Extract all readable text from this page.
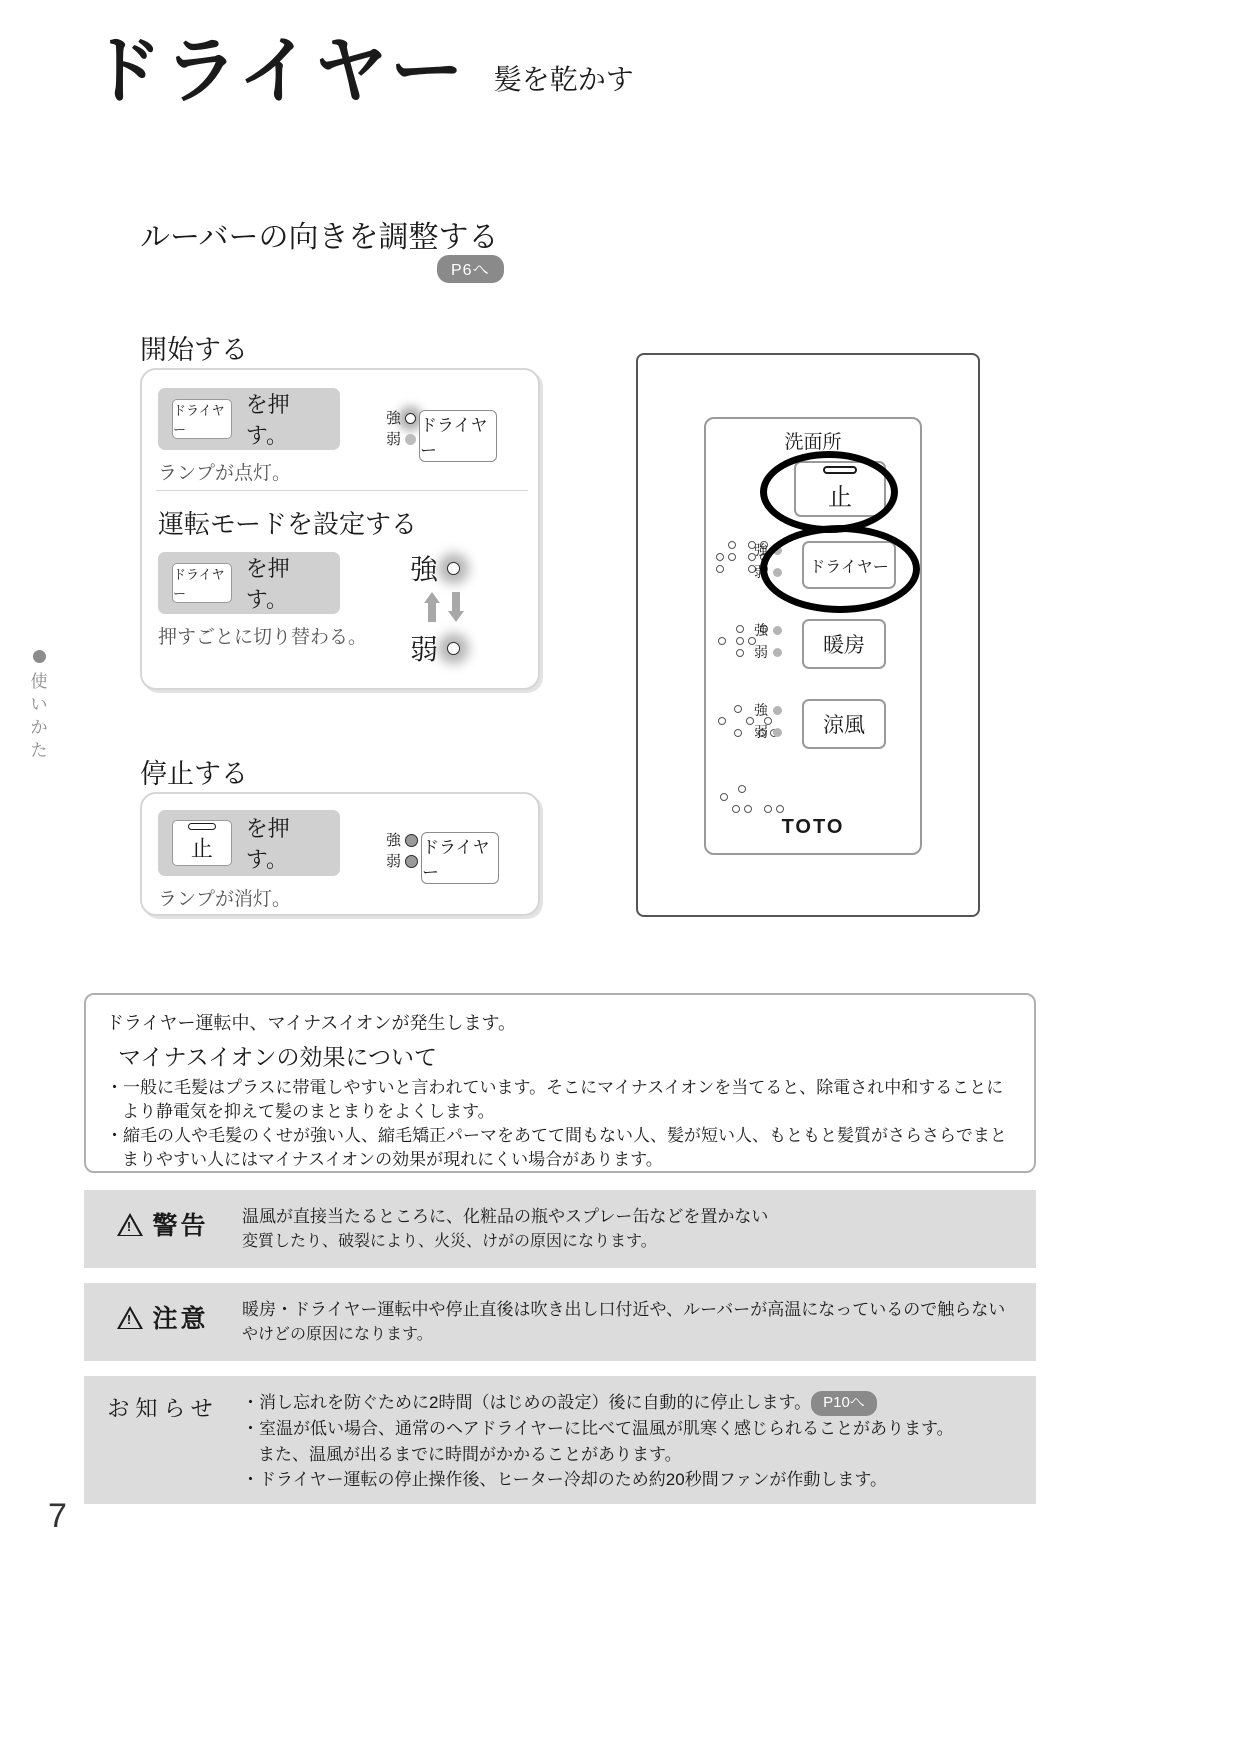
ドライヤー 髪を乾かす
使
い
か
た
ルーバーの向きを調整する
P6へ
開始する
ドライヤー
を押す。
ランプが点灯。
強
弱
ドライヤー
運転モードを設定する
ドライヤー
を押す。
押すごとに切り替わる。
強
弱
停止する
止
を押す。
ランプが消灯。
強
弱
ドライヤー
洗面所
止
強
弱	ドライヤー
強
弱	暖房
強
弱	涼風
TOTO
ドライヤー運転中、マイナスイオンが発生します。
マイナスイオンの効果について
・一般に毛髪はプラスに帯電しやすいと言われています。そこにマイナスイオンを当てると、除電され中和することに
より静電気を抑えて髪のまとまりをよくします。
・縮毛の人や毛髪のくせが強い人、縮毛矯正パーマをあてて間もない人、髪が短い人、もともと髪質がさらさらでまと
まりやすい人にはマイナスイオンの効果が現れにくい場合があります。
! 警告 温風が直接当たるところに、化粧品の瓶やスプレー缶などを置かない
変質したり、破裂により、火災、けがの原因になります。
! 注意 暖房・ドライヤー運転中や停止直後は吹き出し口付近や、ルーバーが高温になっているので触らない
やけどの原因になります。
お知らせ	・消し忘れを防ぐために2時間（はじめの設定）後に自動的に停止します。 P10へ
・室温が低い場合、通常のヘアドライヤーに比べて温風が肌寒く感じられることがあります。
また、温風が出るまでに時間がかかることがあります。
・ドライヤー運転の停止操作後、ヒーター冷却のため約20秒間ファンが作動します。
7
